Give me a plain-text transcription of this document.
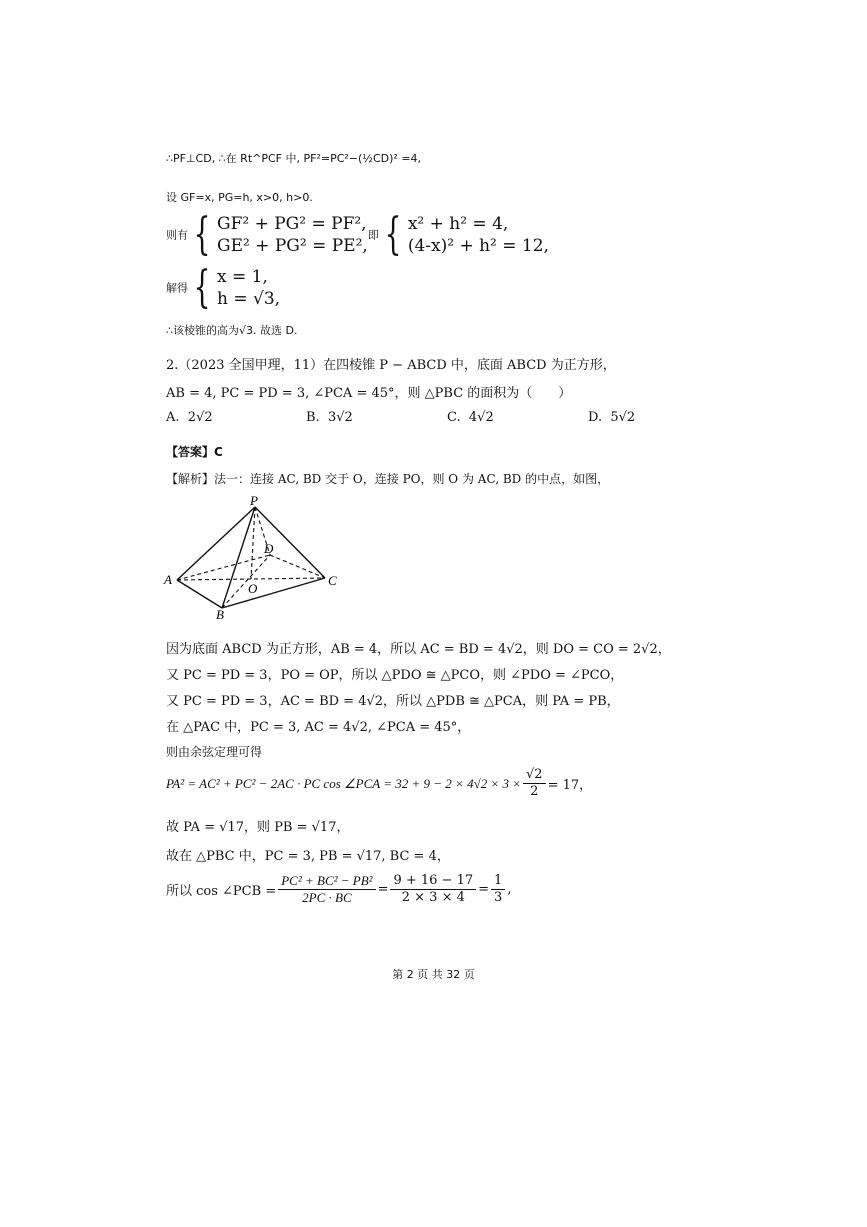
∴PF⊥CD, ∴在 Rt^PCF 中, PF²=PC²−(½CD)² =4,
设 GF=x, PG=h, x>0, h>0.
则有 { GF² + PG² = PF²,
GE² + PG² = PE²,
即 { x² + h² = 4,
(4-x)² + h² = 12,
解得 { x = 1,
h = √3,
∴该棱锥的高为√3. 故选 D.
2.（2023 全国甲理，11）在四棱锥 P − ABCD 中，底面 ABCD 为正方形，
AB = 4, PC = PD = 3, ∠PCA = 45°，则 △PBC 的面积为（　　）
A. 2√2	B. 3√2	C. 4√2	D. 5√2
【答案】C
【解析】法一：连接 AC, BD 交于 O，连接 PO，则 O 为 AC, BD 的中点，如图，
P
A
B
C
D
O
因为底面 ABCD 为正方形，AB = 4，所以 AC = BD = 4√2，则 DO = CO = 2√2，
又 PC = PD = 3，PO = OP，所以 △PDO ≅ △PCO，则 ∠PDO = ∠PCO，
又 PC = PD = 3，AC = BD = 4√2，所以 △PDB ≅ △PCA，则 PA = PB，
在 △PAC 中，PC = 3, AC = 4√2, ∠PCA = 45°，
则由余弦定理可得
PA² = AC² + PC² − 2AC · PC cos ∠PCA = $32 + 9 - 2 \times 4√2 \times 3 \times \frac{√2}{2} = 17$，
故 PA = √17，则 PB = √17，
故在 △PBC 中，PC = 3, PB = √17, BC = 4，
所以 cos ∠PCB = $\frac{\text{PC² + BC² − PB²}}{2PC \cdot BC} = \frac{9 + 16 - 17}{2 \times 3 \times 4} = \frac{1}{3}$ ,
第 2 页 共 32 页
